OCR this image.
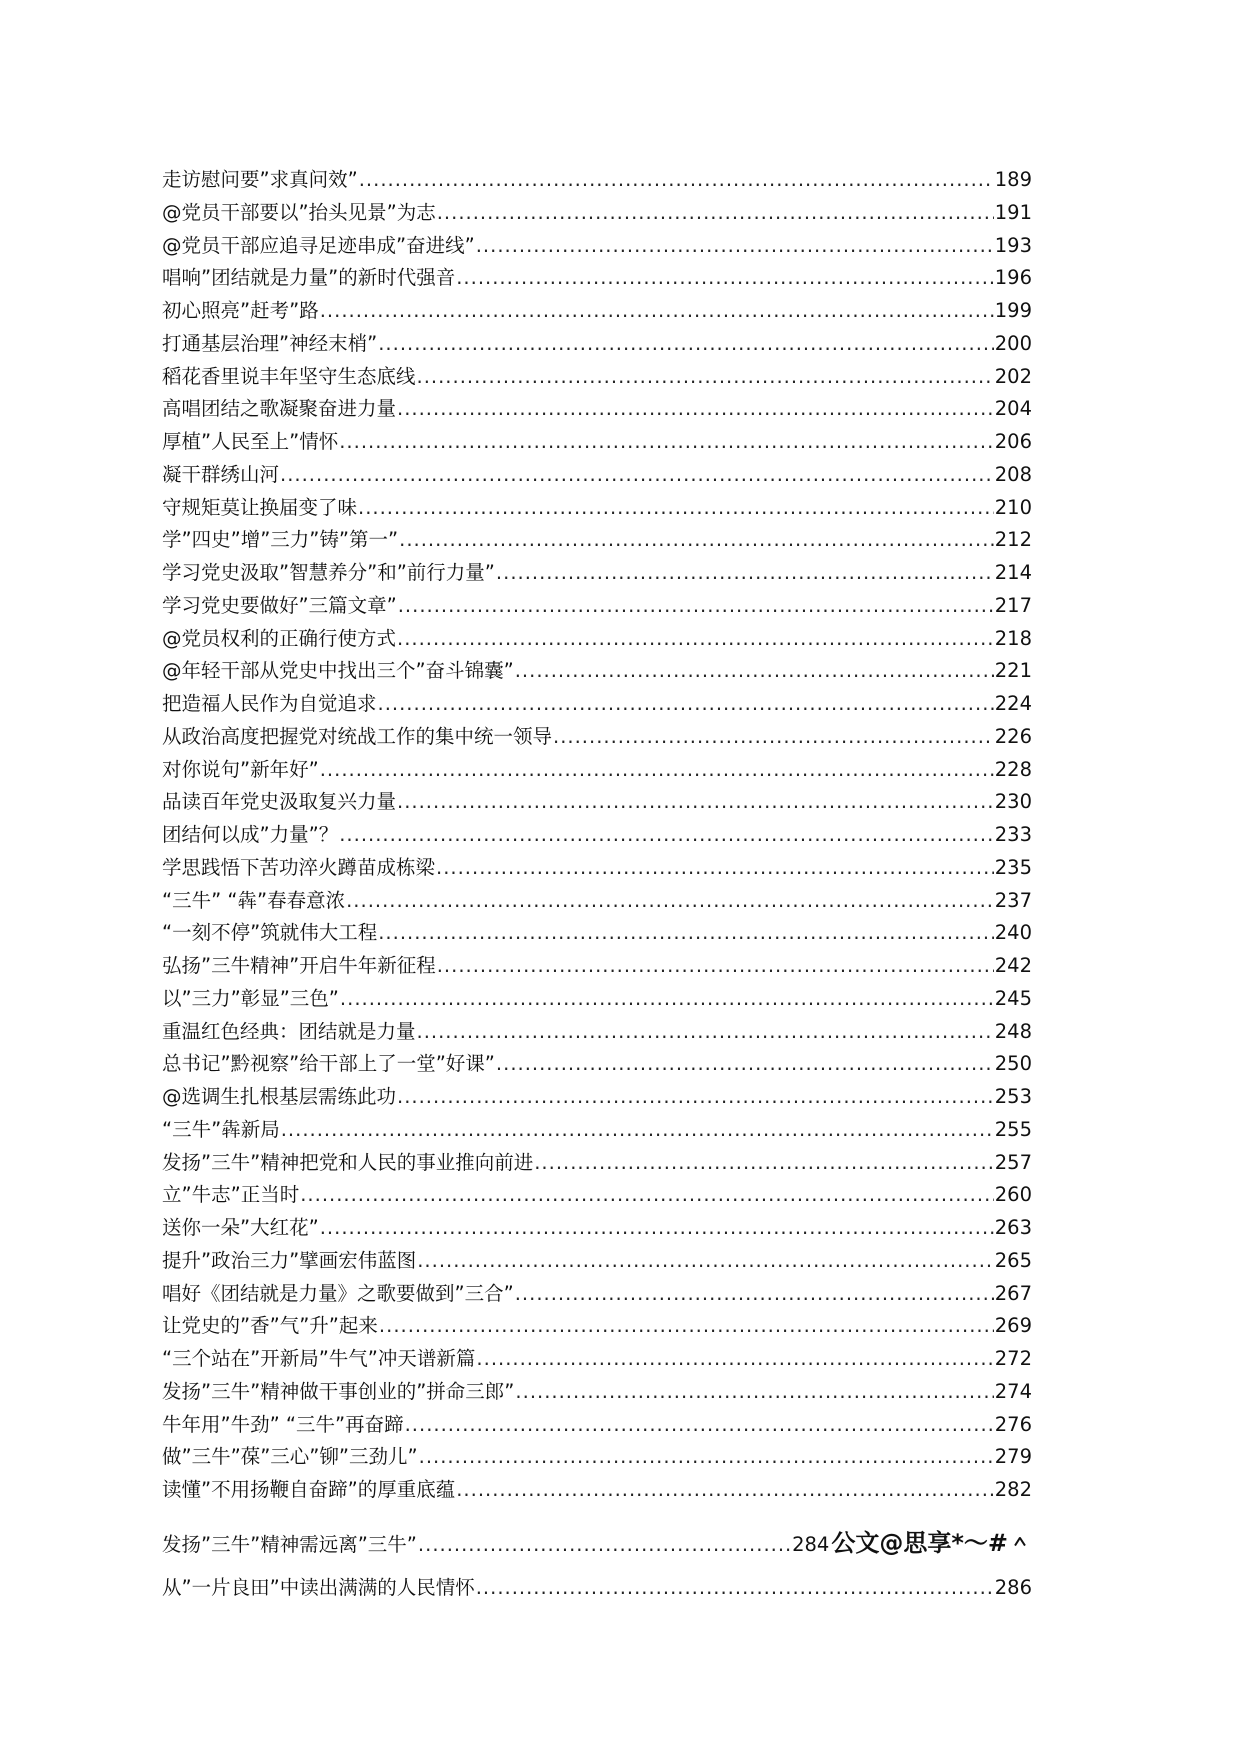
走访慰问要”求真问效” .....	189
@党员干部要以”抬头见景”为志 .....	191
@党员干部应追寻足迹串成”奋进线” .....	193
唱响”团结就是力量”的新时代强音 .....	196
初心照亮”赶考”路 .....	199
打通基层治理”神经末梢” .....	200
稻花香里说丰年坚守生态底线 .....	202
高唱团结之歌凝聚奋进力量 .....	204
厚植”人民至上”情怀 .....	206
凝干群绣山河 .....	208
守规矩莫让换届变了味 .....	210
学”四史”增”三力”铸”第一” .....	212
学习党史汲取”智慧养分”和”前行力量” .....	214
学习党史要做好”三篇文章” .....	217
@党员权利的正确行使方式 .....	218
@年轻干部从党史中找出三个”奋斗锦囊” .....	221
把造福人民作为自觉追求 .....	224
从政治高度把握党对统战工作的集中统一领导 .....	226
对你说句”新年好” .....	228
品读百年党史汲取复兴力量 .....	230
团结何以成”力量”？ .....	233
学思践悟下苦功淬火蹲苗成栋梁 .....	235
“三牛” “犇”春春意浓 .....	237
“一刻不停”筑就伟大工程 .....	240
弘扬”三牛精神”开启牛年新征程 .....	242
以”三力”彰显”三色” .....	245
重温红色经典：团结就是力量 .....	248
总书记”黔视察”给干部上了一堂”好课” .....	250
@选调生扎根基层需练此功 .....	253
“三牛”犇新局 .....	255
发扬”三牛”精神把党和人民的事业推向前进 .....	257
立”牛志”正当时 .....	260
送你一朵”大红花” .....	263
提升”政治三力”擘画宏伟蓝图 .....	265
唱好《团结就是力量》之歌要做到”三合” .....	267
让党史的”香”气”升”起来 .....	269
“三个站在”开新局”牛气”冲天谱新篇 .....	272
发扬”三牛”精神做干事创业的”拼命三郎” .....	274
牛年用”牛劲” “三牛”再奋蹄 .....	276
做”三牛”葆”三心”铆”三劲儿” .....	279
读懂”不用扬鞭自奋蹄”的厚重底蕴 .....	282
发扬”三牛”精神需远离”三牛” .....	284 公文@思享*～#＾
从”一片良田”中读出满满的人民情怀 .....	286
